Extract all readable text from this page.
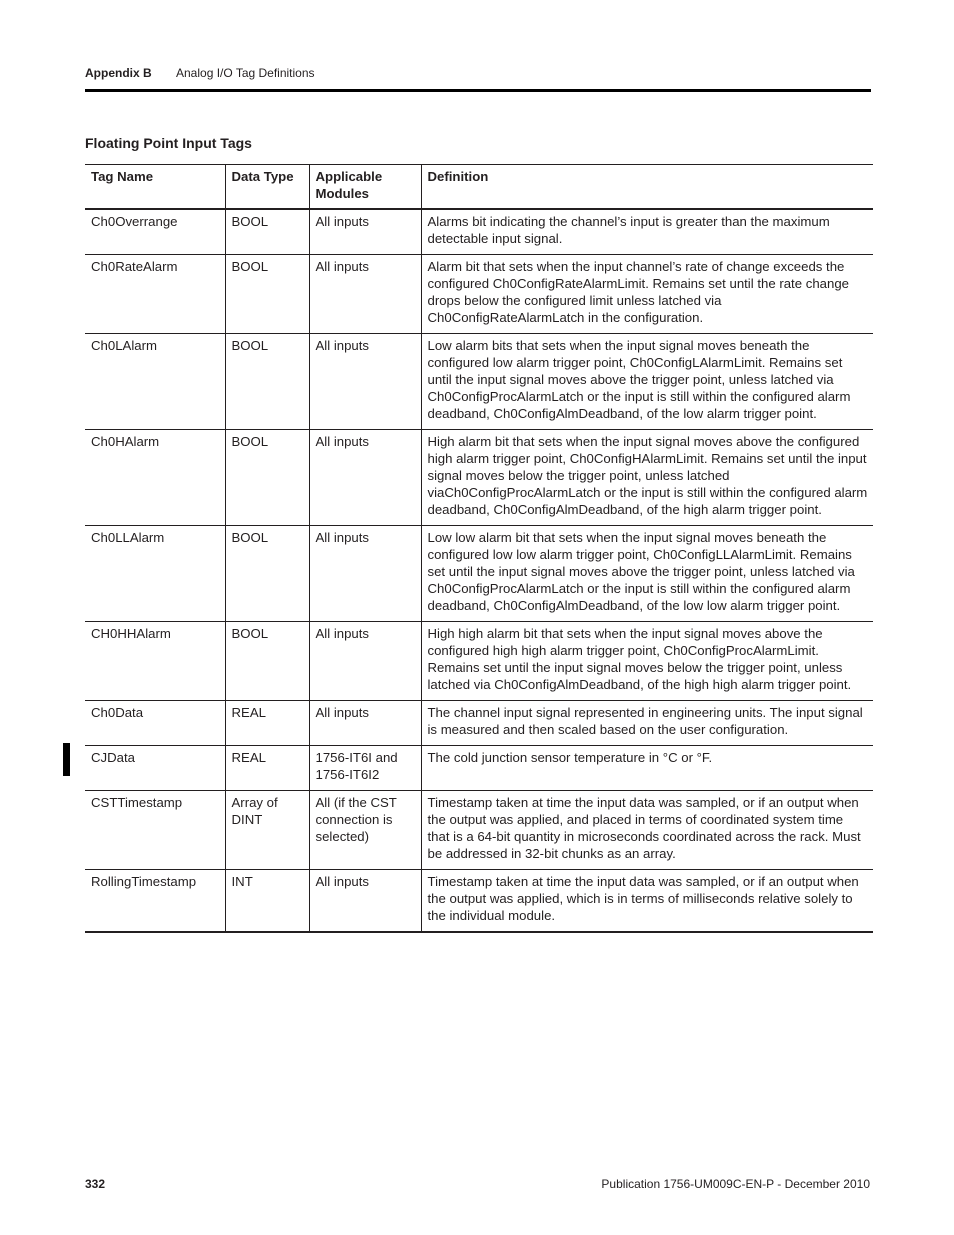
Appendix B Analog I/O Tag Definitions
Floating Point Input Tags
Tag Name	Data Type	Applicable Modules	Definition
Ch0Overrange	BOOL	All inputs	Alarms bit indicating the channel’s input is greater than the maximum detectable input signal.
Ch0RateAlarm	BOOL	All inputs	Alarm bit that sets when the input channel’s rate of change exceeds the configured Ch0ConfigRateAlarmLimit. Remains set until the rate change drops below the configured limit unless latched via Ch0ConfigRateAlarmLatch in the configuration.
Ch0LAlarm	BOOL	All inputs	Low alarm bits that sets when the input signal moves beneath the configured low alarm trigger point, Ch0ConfigLAlarmLimit. Remains set until the input signal moves above the trigger point, unless latched via Ch0ConfigProcAlarmLatch or the input is still within the configured alarm deadband, Ch0ConfigAlmDeadband, of the low alarm trigger point.
Ch0HAlarm	BOOL	All inputs	High alarm bit that sets when the input signal moves above the configured high alarm trigger point, Ch0ConfigHAlarmLimit. Remains set until the input signal moves below the trigger point, unless latched viaCh0ConfigProcAlarmLatch or the input is still within the configured alarm deadband, Ch0ConfigAlmDeadband, of the high alarm trigger point.
Ch0LLAlarm	BOOL	All inputs	Low low alarm bit that sets when the input signal moves beneath the configured low low alarm trigger point, Ch0ConfigLLAlarmLimit. Remains set until the input signal moves above the trigger point, unless latched via Ch0ConfigProcAlarmLatch or the input is still within the configured alarm deadband, Ch0ConfigAlmDeadband, of the low low alarm trigger point.
CH0HHAlarm	BOOL	All inputs	High high alarm bit that sets when the input signal moves above the configured high high alarm trigger point, Ch0ConfigProcAlarmLimit. Remains set until the input signal moves below the trigger point, unless latched via Ch0ConfigAlmDeadband, of the high high alarm trigger point.
Ch0Data	REAL	All inputs	The channel input signal represented in engineering units. The input signal is measured and then scaled based on the user configuration.
CJData	REAL	1756-IT6I and 1756-IT6I2	The cold junction sensor temperature in °C or °F.
CSTTimestamp	Array of DINT	All (if the CST connection is selected)	Timestamp taken at time the input data was sampled, or if an output when the output was applied, and placed in terms of coordinated system time that is a 64-bit quantity in microseconds coordinated across the rack. Must be addressed in 32-bit chunks as an array.
RollingTimestamp	INT	All inputs	Timestamp taken at time the input data was sampled, or if an output when the output was applied, which is in terms of milliseconds relative solely to the individual module.
332	Publication 1756-UM009C-EN-P - December 2010
